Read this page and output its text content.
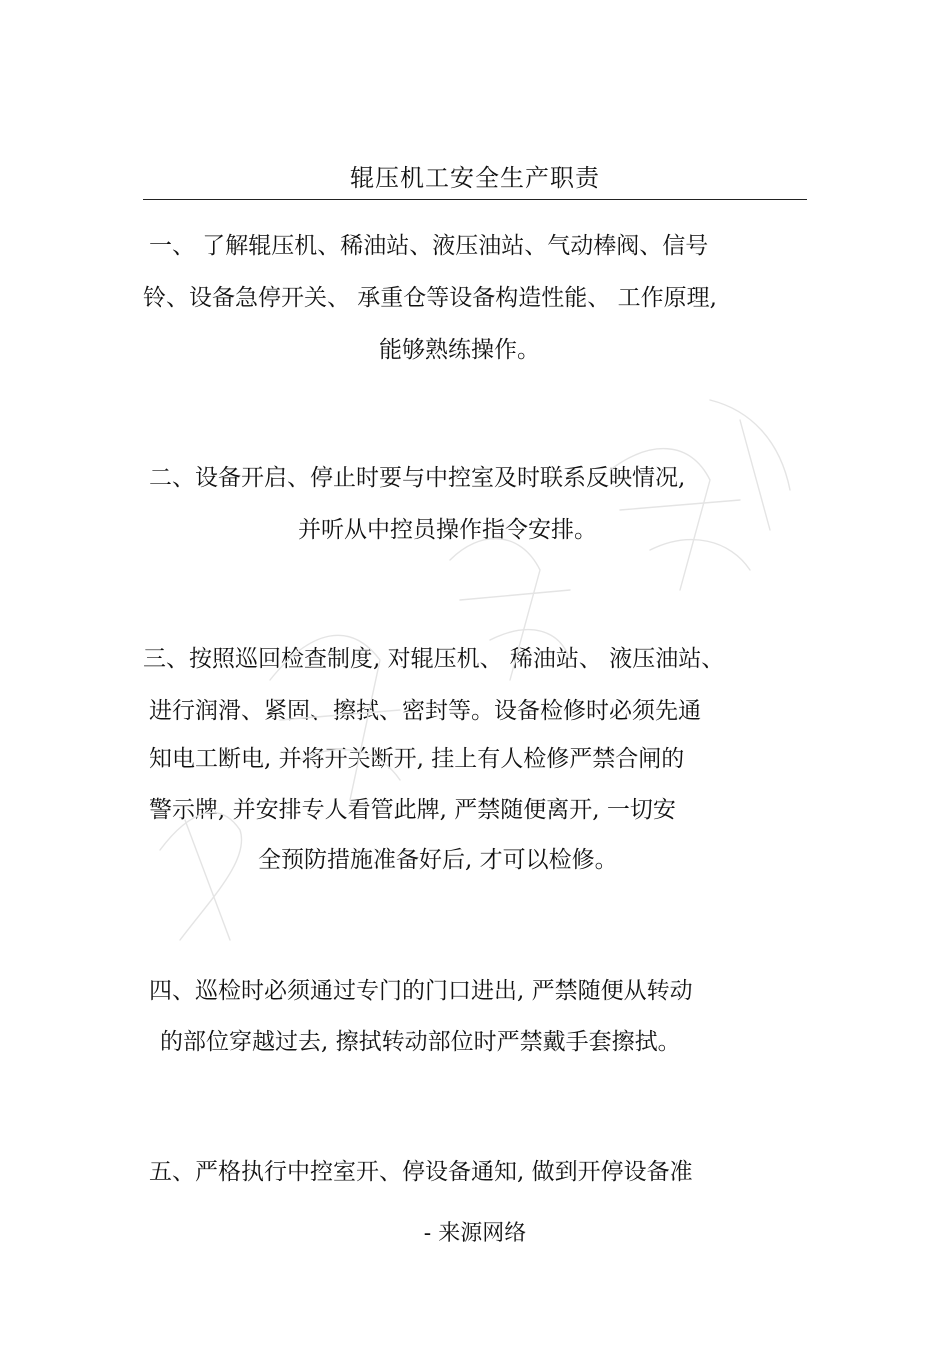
辊压机工安全生产职责
一、 了解辊压机、稀油站、液压油站、气动棒阀、信号
铃、设备急停开关、 承重仓等设备构造性能、 工作原理,
能够熟练操作。
二、设备开启、停止时要与中控室及时联系反映情况,
并听从中控员操作指令安排。
三、按照巡回检查制度, 对辊压机、 稀油站、 液压油站、
进行润滑、紧固、擦拭、密封等。设备检修时必须先通
知电工断电, 并将开关断开, 挂上有人检修严禁合闸的
警示牌, 并安排专人看管此牌, 严禁随便离开, 一切安
全预防措施准备好后, 才可以检修。
四、巡检时必须通过专门的门口进出, 严禁随便从转动
的部位穿越过去, 擦拭转动部位时严禁戴手套擦拭。
五、严格执行中控室开、停设备通知, 做到开停设备准
- 来源网络
